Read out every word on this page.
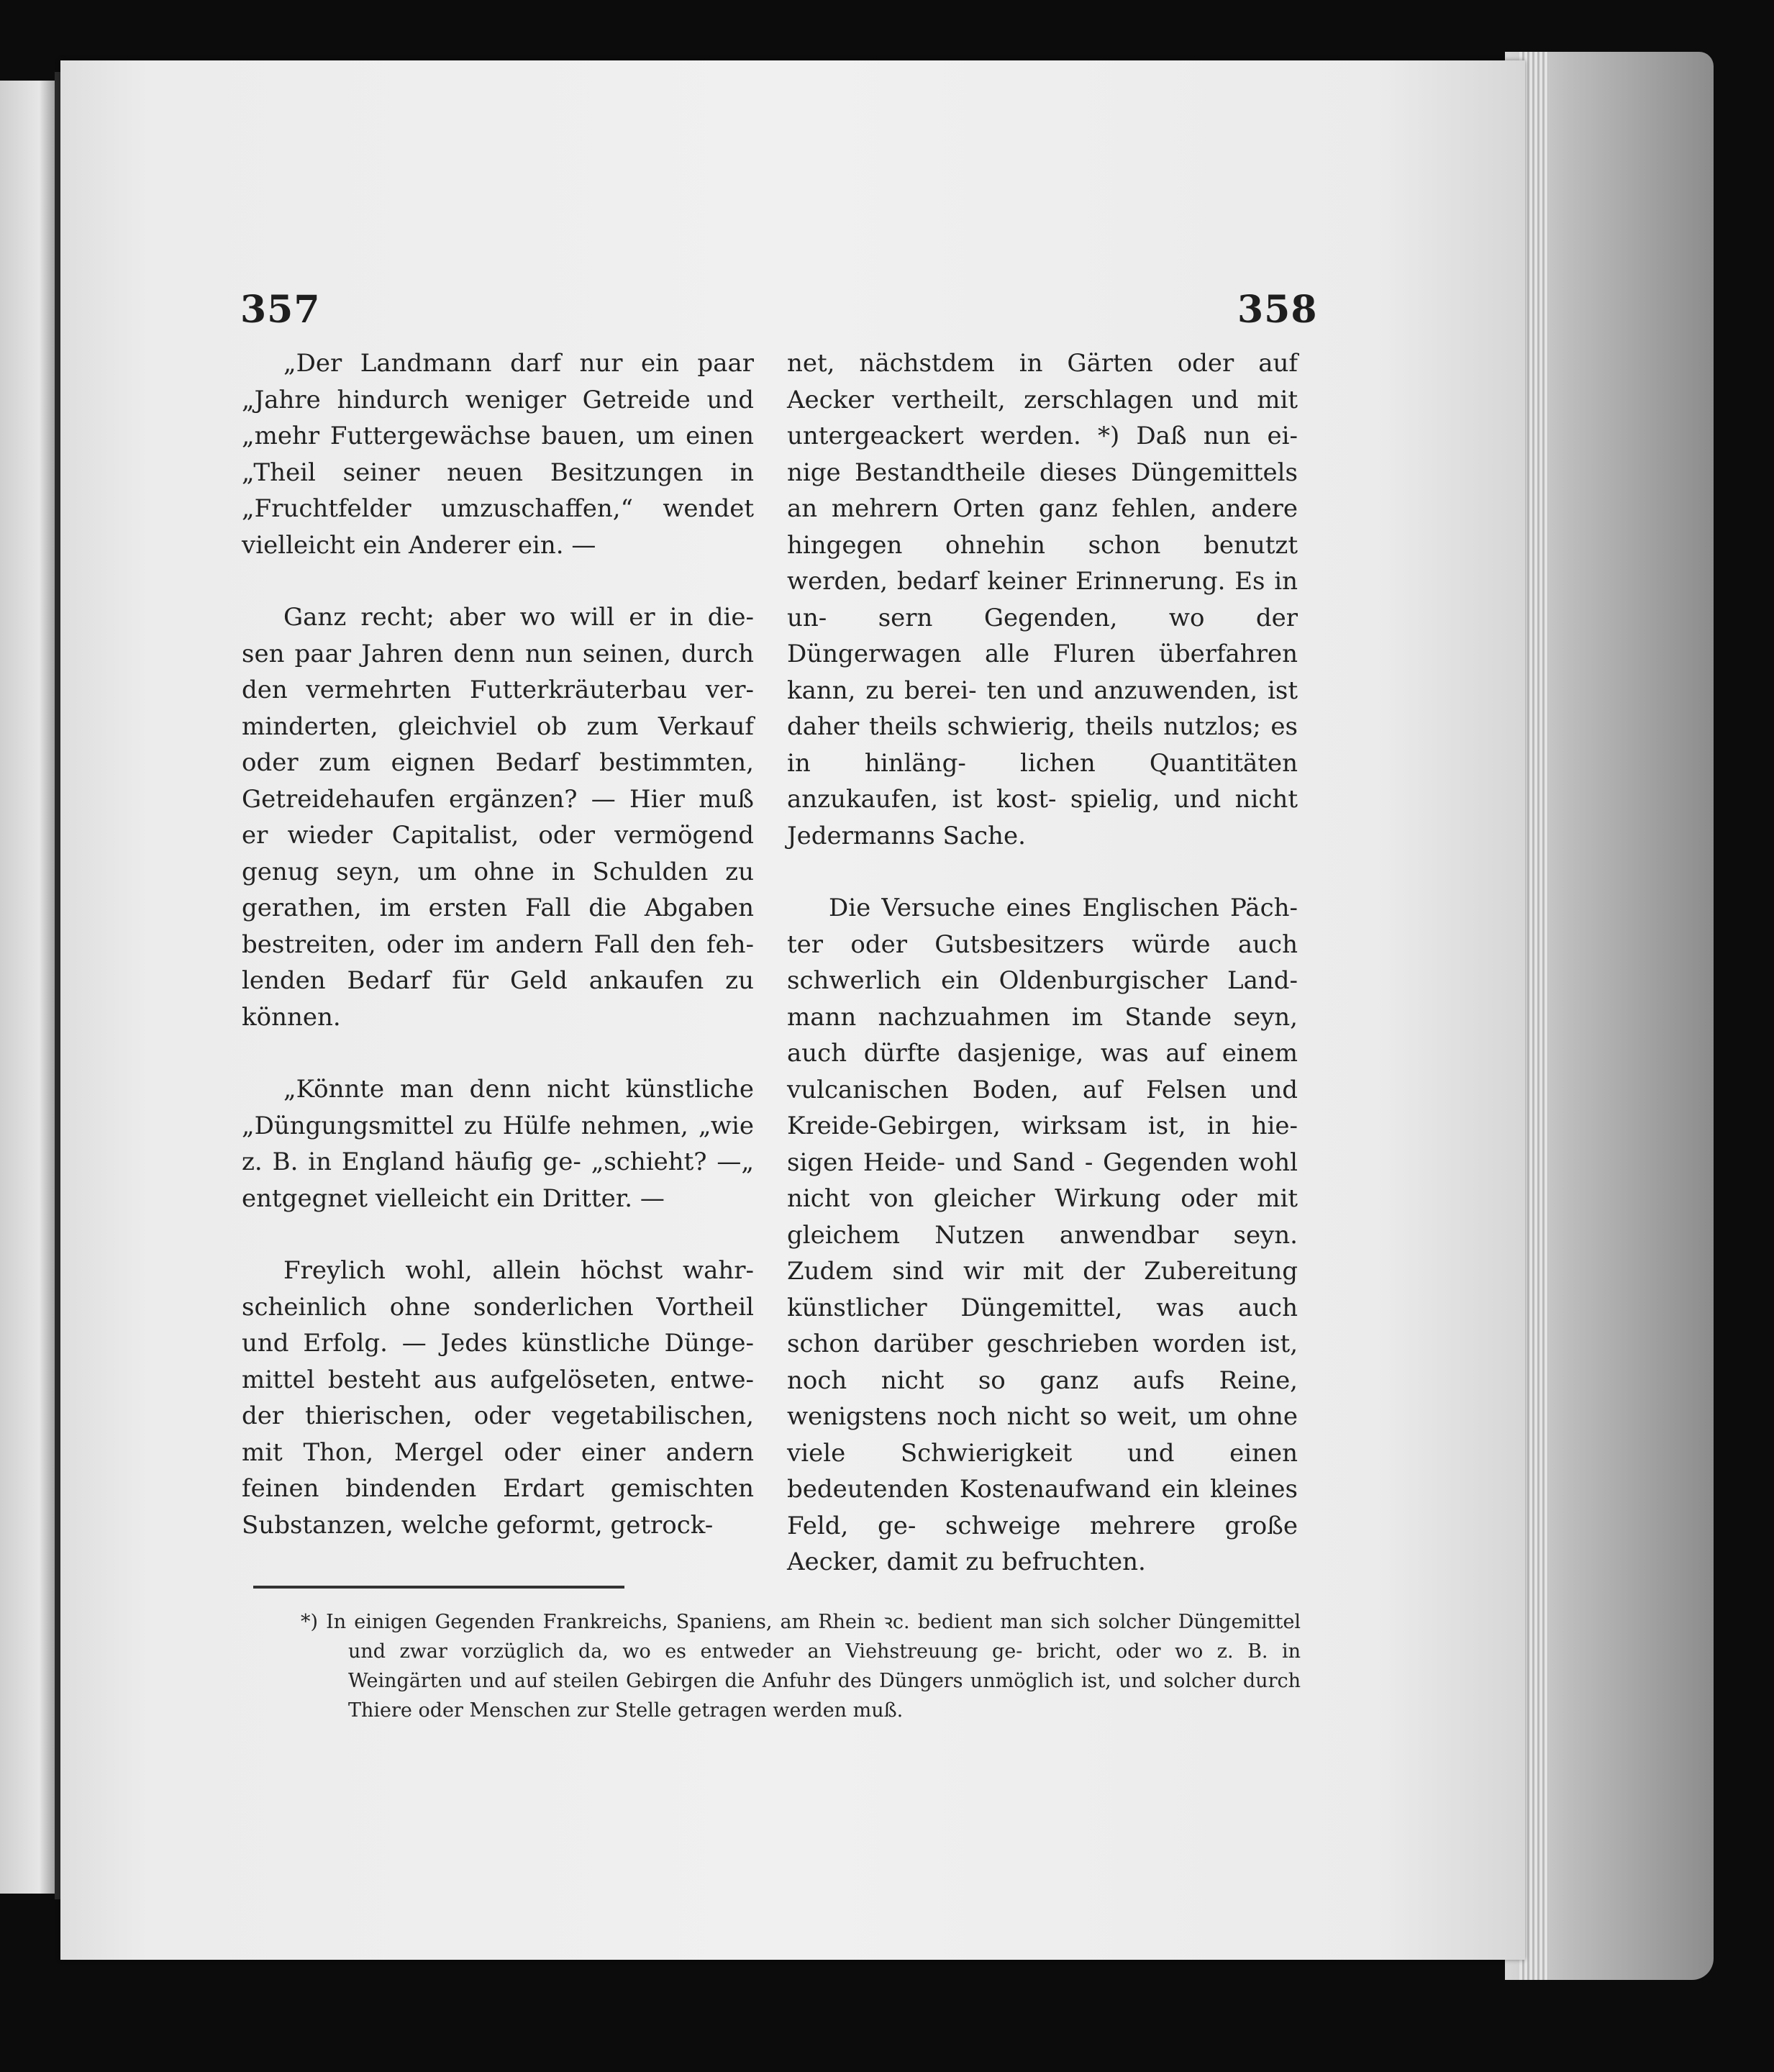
357	358

„Der Landmann darf nur ein paar „Jahre hindurch weniger Getreide und „mehr Futtergewächse bauen, um einen „Theil seiner neuen Besitzungen in „Fruchtfelder umzuschaffen,“ wendet vielleicht ein Anderer ein. —

Ganz recht; aber wo will er in die- sen paar Jahren denn nun seinen, durch den vermehrten Futterkräuterbau ver- minderten, gleichviel ob zum Verkauf oder zum eignen Bedarf bestimmten, Getreidehaufen ergänzen? — Hier muß er wieder Capitalist, oder vermögend genug seyn, um ohne in Schulden zu gerathen, im ersten Fall die Abgaben bestreiten, oder im andern Fall den feh- lenden Bedarf für Geld ankaufen zu können.

„Könnte man denn nicht künstliche „Düngungsmittel zu Hülfe nehmen, „wie z. B. in England häufig ge- „schieht? —„ entgegnet vielleicht ein Dritter. —

Freylich wohl, allein höchst wahr- scheinlich ohne sonderlichen Vortheil und Erfolg. — Jedes künstliche Dünge- mittel besteht aus aufgelöseten, entwe- der thierischen, oder vegetabilischen, mit Thon, Mergel oder einer andern feinen bindenden Erdart gemischten Substanzen, welche geformt, getrock-

net, nächstdem in Gärten oder auf Aecker vertheilt, zerschlagen und mit untergeackert werden. *) Daß nun ei- nige Bestandtheile dieses Düngemittels an mehrern Orten ganz fehlen, andere hingegen ohnehin schon benutzt werden, bedarf keiner Erinnerung. Es in un- sern Gegenden, wo der Düngerwagen alle Fluren überfahren kann, zu berei- ten und anzuwenden, ist daher theils schwierig, theils nutzlos; es in hinläng- lichen Quantitäten anzukaufen, ist kost- spielig, und nicht Jedermanns Sache.

Die Versuche eines Englischen Päch- ter oder Gutsbesitzers würde auch schwerlich ein Oldenburgischer Land- mann nachzuahmen im Stande seyn, auch dürfte dasjenige, was auf einem vulcanischen Boden, auf Felsen und Kreide-Gebirgen, wirksam ist, in hie- sigen Heide- und Sand - Gegenden wohl nicht von gleicher Wirkung oder mit gleichem Nutzen anwendbar seyn. Zudem sind wir mit der Zubereitung künstlicher Düngemittel, was auch schon darüber geschrieben worden ist, noch nicht so ganz aufs Reine, wenigstens noch nicht so weit, um ohne viele Schwierigkeit und einen bedeutenden Kostenaufwand ein kleines Feld, ge- schweige mehrere große Aecker, damit zu befruchten.

*) In einigen Gegenden Frankreichs, Spaniens, am Rhein ꝛc. bedient man sich solcher Düngemittel und zwar vorzüglich da, wo es entweder an Viehstreuung ge- bricht, oder wo z. B. in Weingärten und auf steilen Gebirgen die Anfuhr des Düngers unmöglich ist, und solcher durch Thiere oder Menschen zur Stelle getragen werden muß.
